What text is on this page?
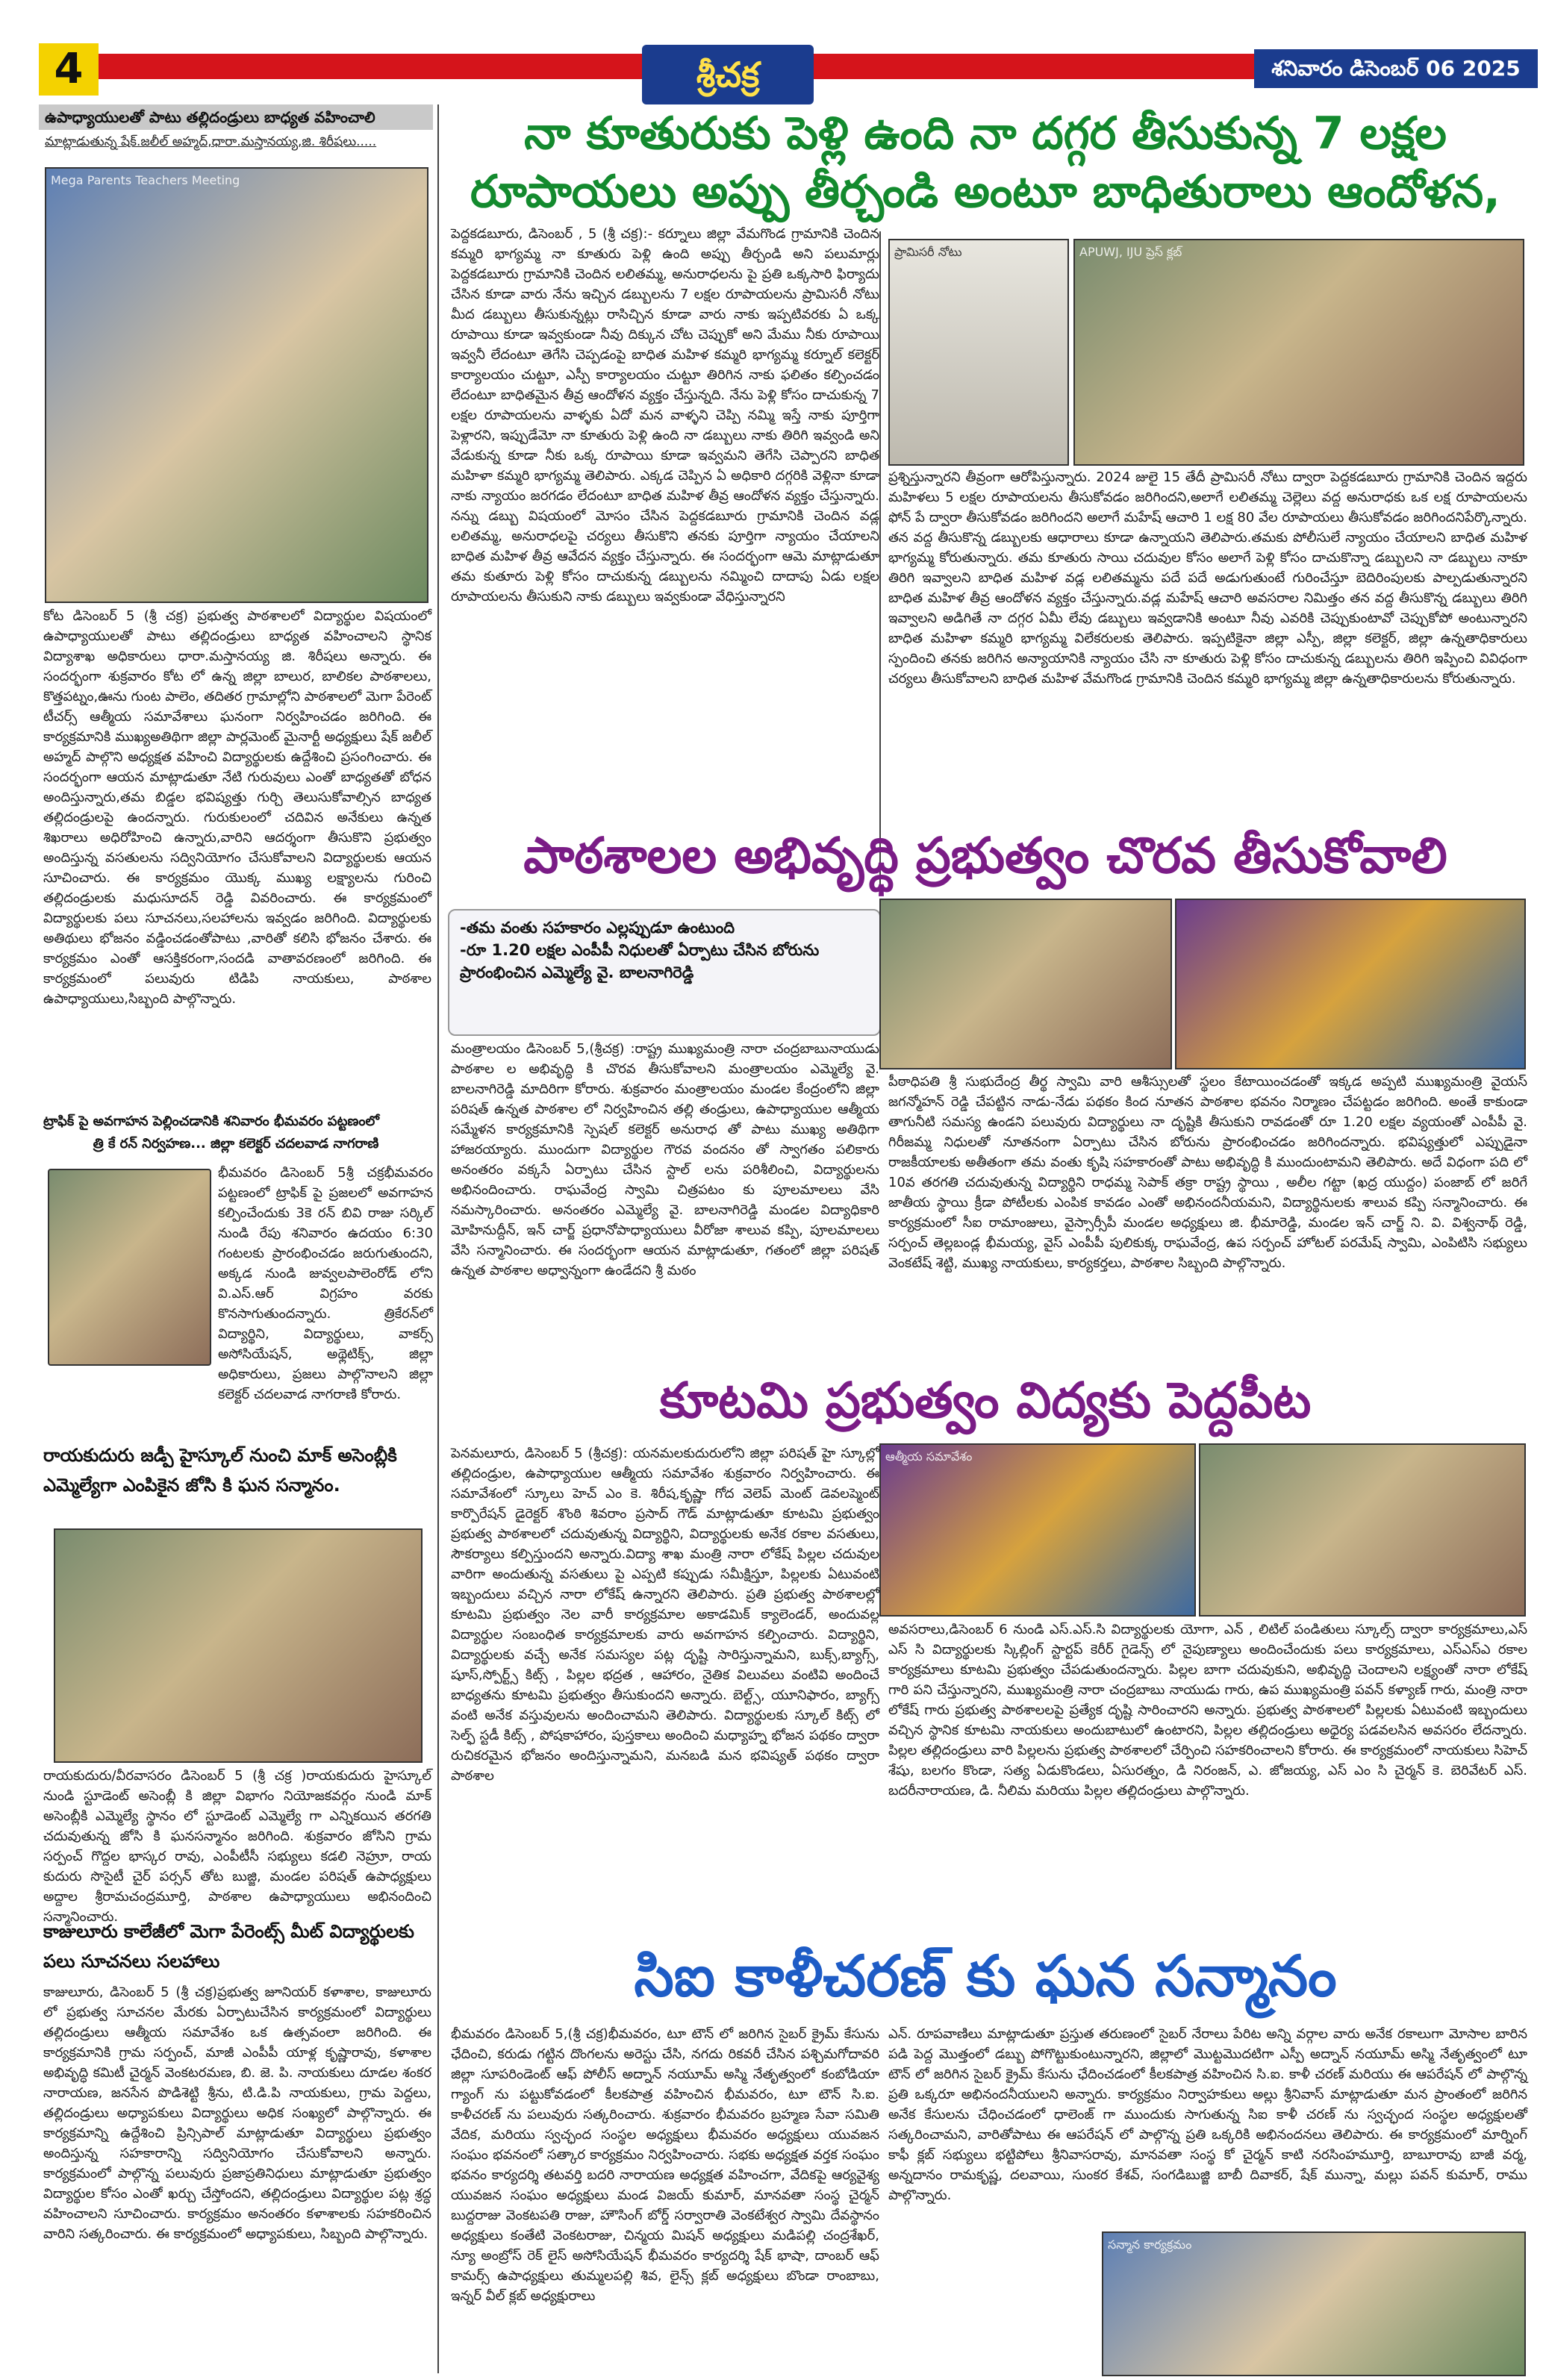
4	శ్రీచక్ర	శనివారం డిసెంబర్ 06 2025
ఉపాధ్యాయులతో పాటు తల్లిదండ్రులు బాధ్యత వహించాలి
మాట్లాడుతున్న షేక్.జలీల్ అహ్మద్,ధారా.మస్తానయ్య,జి. శిరీషలు.....
Mega Parents Teachers Meeting
కోట డిసెంబర్ 5 (శ్రీ చక్ర) ప్రభుత్వ పాఠశాలలో విద్యార్థుల విషయంలో ఉపాధ్యాయులతో పాటు తల్లిదండ్రులు బాధ్యత వహించాలని స్థానిక విద్యాశాఖ అధికారులు ధారా.మస్తానయ్య జి. శిరీషలు అన్నారు. ఈ సందర్భంగా శుక్రవారం కోట లో ఉన్న జిల్లా బాలుర, బాలికల పాఠశాలలు, కొత్తపట్నం,ఊను గుంట పాలెం, తదితర గ్రామాల్లోని పాఠశాలలో మెగా పేరెంట్ టీచర్స్ ఆత్మీయ సమావేశాలు ఘనంగా నిర్వహించడం జరిగింది. ఈ కార్యక్రమానికి ముఖ్యఅతిథిగా జిల్లా పార్లమెంట్ మైనార్టీ అధ్యక్షులు షేక్ జలీల్ అహ్మద్ పాల్గొని అధ్యక్షత వహించి విద్యార్థులకు ఉద్దేశించి ప్రసంగించారు. ఈ సందర్భంగా ఆయన మాట్లాడుతూ నేటి గురువులు ఎంతో బాధ్యతతో బోధన అందిస్తున్నారు,తమ బిడ్డల భవిష్యత్తు గుర్చి తెలుసుకోవాల్సిన బాధ్యత తల్లిదండ్రులపై ఉందన్నారు. గురుకులంలో చదివిన అనేకులు ఉన్నత శిఖరాలు అధిరోహించి ఉన్నారు,వారిని ఆదర్శంగా తీసుకొని ప్రభుత్వం అందిస్తున్న వసతులను సద్వినియోగం చేసుకోవాలని విద్యార్థులకు ఆయన సూచించారు. ఈ కార్యక్రమం యొక్క ముఖ్య లక్ష్యాలను గురించి తల్లిదండ్రులకు మధుసూదన్ రెడ్డి వివరించారు. ఈ కార్యక్రమంలో విద్యార్థులకు పలు సూచనలు,సలహాలను ఇవ్వడం జరిగింది. విద్యార్థులకు అతిథులు భోజనం వడ్డించడంతోపాటు ,వారితో కలిసి భోజనం చేశారు. ఈ కార్యక్రమం ఎంతో ఆసక్తికరంగా,సందడి వాతావరణంలో జరిగింది. ఈ కార్యక్రమంలో పలువురు టిడిపి నాయకులు, పాఠశాల ఉపాధ్యాయులు,సిబ్బంది పాల్గొన్నారు.
ట్రాఫిక్ పై అవగాహన పెల్లించడానికి శనివారం భీమవరం పట్టణంలో
త్రి కే రన్ నిర్వహణ... జిల్లా కలెక్టర్ చదలవాడ నాగరాణి
భీమవరం డిసెంబర్ 5శ్రీ చక్రభీమవరం పట్టణంలో ట్రాఫిక్ పై ప్రజలలో అవగాహన కల్పించేందుకు 3కె రన్ బివి రాజు సర్కిల్ నుండి రేపు శనివారం ఉదయం 6:30 గంటలకు ప్రారంభించడం జరుగుతుందని, అక్కడ నుండి జువ్వలపాలెంరోడ్ లోని వి.ఎస్.ఆర్ విగ్రహం వరకు కొనసాగుతుందన్నారు. త్రికేరన్‌లో విద్యార్థిని, విద్యార్థులు, వాకర్స్ అసోసియేషన్, అథ్లెటిక్స్, జిల్లా అధికారులు, ప్రజలు పాల్గొనాలని జిల్లా కలెక్టర్ చదలవాడ నాగరాణి కోరారు.
రాయకుదురు జడ్పీ హైస్కూల్ నుంచి మాక్ అసెంబ్లీకి ఎమ్మెల్యేగా ఎంపికైన జోసి కి ఘన సన్మానం.
రాయకుదురు/వీరవాసరం డిసెంబర్ 5 (శ్రీ చక్ర )రాయకుదురు హైస్కూల్ నుండి స్టూడెంట్ అసెంబ్లీ కి జిల్లా విభాగం నియోజకవర్గం నుండి మాక్ అసెంబ్లీకి ఎమ్మెల్యే స్థానం లో స్టూడెంట్ ఎమ్మెల్యే గా ఎన్నికయిన తరగతి చదువుతున్న జోసి కి ఘనసన్మానం జరిగింది. శుక్రవారం జోసిని గ్రామ సర్పంచ్ గొద్దల భాస్కర రావు, ఎంపీటీసీ సభ్యులు కడలి నెహ్రూ, రాయ కుదురు సొసైటీ చైర్ పర్సన్ తోట బుజ్జి, మండల పరిషత్ ఉపాధ్యక్షులు అద్దాల శ్రీరామచంద్రమూర్తి, పాఠశాల ఉపాధ్యాయులు అభినందించి సన్మానించారు.
కాజులూరు కాలేజీలో మెగా పేరెంట్స్ మీట్ విద్యార్థులకు పలు సూచనలు సలహాలు
కాజులూరు, డిసెంబర్ 5 (శ్రీ చక్ర)ప్రభుత్వ జూనియర్ కళాశాల, కాజులూరు లో ప్రభుత్వ సూచనల మేరకు ఏర్పాటుచేసిన కార్యక్రమంలో విద్యార్థులు తల్లిదండ్రులు ఆత్మీయ సమావేశం ఒక ఉత్సవంలా జరిగింది. ఈ కార్యక్రమానికి గ్రామ సర్పంచ్, మాజీ ఎంపీపీ యాళ్ల కృష్ణారావు, కళాశాల అభివృద్ధి కమిటీ చైర్మన్ వెంకటరమణ, బి. జె. పి. నాయకులు దూడల శంకర నారాయణ, జనసేన పొడిశెట్టి శ్రీను, టి.డి.పి నాయకులు, గ్రామ పెద్దలు, తల్లిదండ్రులు అధ్యాపకులు విద్యార్థులు అధిక సంఖ్యలో పాల్గొన్నారు. ఈ కార్యక్రమాన్ని ఉద్దేశించి ప్రిన్సిపాల్ మాట్లాడుతూ విద్యార్థులు ప్రభుత్వం అందిస్తున్న సహకారాన్ని సద్వినియోగం చేసుకోవాలని అన్నారు. కార్యక్రమంలో పాల్గొన్న పలువురు ప్రజాప్రతినిధులు మాట్లాడుతూ ప్రభుత్వం విద్యార్థుల కోసం ఎంతో ఖర్చు చేస్తోందని, తల్లిదండ్రులు విద్యార్థుల పట్ల శ్రద్ధ వహించాలని సూచించారు. కార్యక్రమం అనంతరం కళాశాలకు సహకరించిన వారిని సత్కరించారు. ఈ కార్యక్రమంలో అధ్యాపకులు, సిబ్బంది పాల్గొన్నారు.
నా కూతురుకు పెళ్లి ఉంది నా దగ్గర తీసుకున్న 7 లక్షల
రూపాయలు అప్పు తీర్చండి అంటూ బాధితురాలు ఆందోళన,
పెద్దకడబూరు, డిసెంబర్ , 5 (శ్రీ చక్ర):- కర్నూలు జిల్లా వేమగొండ గ్రామానికి చెందిన కమ్మరి భాగ్యమ్మ నా కూతురు పెళ్లి ఉంది అప్పు తీర్చండి అని పలుమార్లు పెద్దకడబూరు గ్రామానికి చెందిన లలితమ్మ, అనురాధలను పై ప్రతి ఒక్కసారి ఫిర్యాదు చేసిన కూడా వారు నేను ఇచ్చిన డబ్బులను 7 లక్షల రూపాయలను ప్రామిసరీ నోటు మీద డబ్బులు తీసుకున్నట్లు రాసిచ్చిన కూడా వారు నాకు ఇప్పటివరకు ఏ ఒక్క రూపాయి కూడా ఇవ్వకుండా నీవు దిక్కున చోట చెప్పుకో అని మేము నీకు రూపాయి ఇవ్వనీ లేదంటూ తెగేసి చెప్పడంపై బాధిత మహిళ కమ్మరి భాగ్యమ్మ కర్నూల్ కలెక్టర్ కార్యాలయం చుట్టూ, ఎస్పీ కార్యాలయం చుట్టూ తిరిగిన నాకు ఫలితం కల్పించడం లేదంటూ బాధితమైన తీవ్ర ఆందోళన వ్యక్తం చేస్తున్నది. నేను పెళ్లి కోసం దాచుకున్న 7 లక్షల రూపాయలను వాళ్ళకు ఏదో మన వాళ్ళని చెప్పి నమ్మి ఇస్తే నాకు పూర్తిగా పెళ్లారని, ఇప్పుడేమో నా కూతురు పెళ్లి ఉంది నా డబ్బులు నాకు తిరిగి ఇవ్వండి అని వేడుకున్న కూడా నీకు ఒక్క రూపాయి కూడా ఇవ్వమని తెగేసి చెప్పారని బాధిత మహిళా కమ్మరి భాగ్యమ్మ తెలిపారు. ఎక్కడ చెప్పిన ఏ అధికారి దగ్గరికి వెళ్లినా కూడా నాకు న్యాయం జరగడం లేదంటూ బాధిత మహిళ తీవ్ర ఆందోళన వ్యక్తం చేస్తున్నారు. నన్ను డబ్బు విషయంలో మోసం చేసిన పెద్దకడబూరు గ్రామానికి చెందిన వడ్ల లలితమ్మ, అనురాధలపై చర్యలు తీసుకొని తనకు పూర్తిగా న్యాయం చేయాలని బాధిత మహిళ తీవ్ర ఆవేదన వ్యక్తం చేస్తున్నారు. ఈ సందర్భంగా ఆమె మాట్లాడుతూ తమ కుతూరు పెళ్లి కోసం దాచుకున్న డబ్బులను నమ్మించి దాదాపు ఏడు లక్షల రూపాయలను తీసుకుని నాకు డబ్బులు ఇవ్వకుండా వేధిస్తున్నారని
ప్రామిసరీ నోటు	APUWJ, IJU ప్రెస్ క్లబ్
ప్రశ్నిస్తున్నారని తీవ్రంగా ఆరోపిస్తున్నారు. 2024 జులై 15 తేదీ ప్రామిసరీ నోటు ద్వారా పెద్దకడబూరు గ్రామానికి చెందిన ఇద్దరు మహిళలు 5 లక్షల రూపాయలను తీసుకోవడం జరిగిందని,అలాగే లలితమ్మ చెల్లెలు వద్ద అనురాధకు ఒక లక్ష రూపాయలను ఫోన్ పే ద్వారా తీసుకోవడం జరిగిందని అలాగే మహేష్ ఆచారి 1 లక్ష 80 వేల రూపాయలు తీసుకోవడం జరిగిందనిపేర్కొన్నారు. తన వద్ద తీసుకొన్న డబ్బులకు ఆధారాలు కూడా ఉన్నాయని తెలిపారు.తమకు పోలీసులే న్యాయం చేయాలని బాధిత మహిళ భాగ్యమ్మ కోరుతున్నారు. తమ కూతురు సాయి చదువుల కోసం అలాగే పెళ్లి కోసం దాచుకొన్నా డబ్బులని నా డబ్బులు నాకూ తిరిగి ఇవ్వాలని బాధిత మహిళ వడ్ల లలితమ్మను పదే పదే అడుగుతుంటే గురించేస్తూ బెదిరింపులకు పాల్పడుతున్నారని బాధిత మహిళ తీవ్ర ఆందోళన వ్యక్తం చేస్తున్నారు.వడ్ల మహేష్ ఆచారి అవసరాల నిమిత్తం తన వద్ద తీసుకొన్న డబ్బులు తిరిగి ఇవ్వాలని అడిగితే నా దగ్గర ఏమీ లేవు డబ్బులు ఇవ్వడానికి అంటూ నీవు ఎవరికి చెప్పుకుంటావో చెప్పుకోపో అంటున్నారని బాధిత మహిళా కమ్మరి భాగ్యమ్మ విలేకరులకు తెలిపారు. ఇప్పటికైనా జిల్లా ఎస్పీ, జిల్లా కలెక్టర్, జిల్లా ఉన్నతాధికారులు స్పందించి తనకు జరిగిన అన్యాయానికి న్యాయం చేసి నా కూతురు పెళ్లి కోసం దాచుకున్న డబ్బులను తిరిగి ఇప్పించి వివిధంగా చర్యలు తీసుకోవాలని బాధిత మహిళ వేమగొండ గ్రామానికి చెందిన కమ్మరి భాగ్యమ్మ జిల్లా ఉన్నతాధికారులను కోరుతున్నారు.
పాఠశాలల అభివృద్ధి ప్రభుత్వం చొరవ తీసుకోవాలి
-తమ వంతు సహకారం ఎల్లప్పుడూ ఉంటుంది
-రూ 1.20 లక్షల ఎంపీపీ నిధులతో ఏర్పాటు చేసిన బోరును ప్రారంభించిన ఎమ్మెల్యే వై. బాలనాగిరెడ్డి
మంత్రాలయం డిసెంబర్ 5,(శ్రీచక్ర) :రాష్ట్ర ముఖ్యమంత్రి నారా చంద్రబాబునాయుడు పాఠశాల ల అభివృద్ధి కి చొరవ తీసుకోవాలని మంత్రాలయం ఎమ్మెల్యే వై. బాలనాగిరెడ్డి మాదిరిగా కోరారు. శుక్రవారం మంత్రాలయం మండల కేంద్రంలోని జిల్లా పరిషత్ ఉన్నత పాఠశాల లో నిర్వహించిన తల్లి తండ్రులు, ఉపాధ్యాయుల ఆత్మీయ సమ్మేళన కార్యక్రమానికి స్పెషల్ కలెక్టర్ అనురాధ తో పాటు ముఖ్య అతిథిగా హాజరయ్యారు. ముందుగా విద్యార్థుల గౌరవ వందనం తో స్వాగతం పలికారు అనంతరం వక్కసే ఏర్పాటు చేసిన స్టాల్ లను పరిశీలించి, విద్యార్థులను అభినందించారు. రాఘవేంద్ర స్వామి చిత్రపటం కు పూలమాలలు వేసి నమస్కారించారు. అనంతరం ఎమ్మెల్యే వై. బాలనాగిరెడ్డి మండల విద్యాధికారి మోహినుద్దీన్, ఇన్ చార్జ్ ప్రధానోపాధ్యాయులు వీరోజా శాలువ కప్పి, పూలమాలలు వేసి సన్మానించారు. ఈ సందర్భంగా ఆయన మాట్లాడుతూ, గతంలో జిల్లా పరిషత్ ఉన్నత పాఠశాల అధ్వాన్నంగా ఉండేదని శ్రీ మఠం
పీఠాధిపతి శ్రీ సుభుదేంద్ర తీర్థ స్వామి వారి ఆశీస్సులతో స్థలం కేటాయించడంతో ఇక్కడ అప్పటి ముఖ్యమంత్రి వైయస్ జగన్మోహన్ రెడ్డి చేపట్టిన నాడు-నేడు పథకం కింద నూతన పాఠశాల భవనం నిర్మాణం చేపట్టడం జరిగింది. అంతే కాకుండా తాగునీటి సమస్య ఉండని పలువురు విద్యార్థులు నా దృష్టికి తీసుకుని రావడంతో రూ 1.20 లక్షల వ్యయంతో ఎంపీపీ వై. గిరీజమ్మ నిధులతో నూతనంగా ఏర్పాటు చేసిన బోరును ప్రారంభించడం జరిగిందన్నారు. భవిష్యత్తులో ఎప్పుడైనా రాజకీయాలకు అతీతంగా తమ వంతు కృషి సహకారంతో పాటు అభివృద్ధి కి ముందుంటామని తెలిపారు. అదే విధంగా పది లో 10వ తరగతి చదువుతున్న విద్యార్థిని రాధమ్మ సెపాక్ తక్రా రాష్ట్ర స్థాయి , అలీల గట్టా (ఖద్ర యుద్దం) పంజాబ్ లో జరిగే జాతీయ స్థాయి క్రీడా పోటీలకు ఎంపిక కావడం ఎంతో అభినందనీయమని, విద్యార్థినులకు శాలువ కప్పి సన్మానించారు. ఈ కార్యక్రమంలో సీఐ రామాంజులు, వైస్సార్సీపీ మండల అధ్యక్షులు జి. భీమారెడ్డి, మండల ఇన్ చార్జ్ ని. వి. విశ్వనాథ్ రెడ్డి, సర్పంచ్ తెల్లబండ్ల భీమయ్య, వైస్ ఎంపీపీ పులికుక్క రాఘవేంద్ర, ఉప సర్పంచ్ హోటల్ పరమేష్ స్వామి, ఎంపిటిసి సభ్యులు వెంకటేష్ శెట్టి, ముఖ్య నాయకులు, కార్యకర్తలు, పాఠశాల సిబ్బంది పాల్గొన్నారు.
కూటమి ప్రభుత్వం విద్యకు పెద్దపీట
పెనమలూరు, డిసెంబర్ 5 (శ్రీచక్ర): యనమలకుదురులోని జిల్లా పరిషత్ హై స్కూల్లో తల్లిదండ్రుల, ఉపాధ్యాయుల ఆత్మీయ సమావేశం శుక్రవారం నిర్వహించారు. ఈ సమావేశంలో స్కూలు హెచ్ ఎం కె. శిరీష,కృష్ణా గోద వెలెప్ మెంట్ డెవలప్మెంట్ కార్పొరేషన్ డైరెక్టర్ శొంఠి శివరాం ప్రసాద్ గౌడ్ మాట్లాడుతూ కూటమి ప్రభుత్వం ప్రభుత్వ పాఠశాలలో చదువుతున్న విద్యార్థిని, విద్యార్థులకు అనేక రకాల వసతులు, సౌకర్యాలు కల్పిస్తుందని అన్నారు.విద్యా శాఖ మంత్రి నారా లోకేష్ పిల్లల చదువుల వారిగా అందుతున్న వసతులు పై ఎప్పటి కప్పుడు సమీక్షిస్తూ, పిల్లలకు ఏటువంటి ఇబ్బందులు వచ్చిన నారా లోకేష్ ఉన్నారని తెలిపారు. ప్రతి ప్రభుత్వ పాఠశాలల్లో కూటమి ప్రభుత్వం నెల వారీ కార్యక్రమాల అకాడమిక్ క్యాలెండర్, అందువల్ల విద్యార్థుల సంబంధిత కార్యక్రమాలకు వారు అవగాహన కల్పించారు. విద్యార్థిని, విద్యార్థులకు వచ్చే అనేక సమస్యల పట్ల దృష్టి సారిస్తున్నామని, బుక్స్,బ్యాగ్స్, షూస్,స్పోర్ట్స్ కిట్స్ , పిల్లల భద్రత , ఆహారం, నైతిక విలువలు వంటివి అందించే బాధ్యతను కూటమి ప్రభుత్వం తీసుకుందని అన్నారు. బెల్ట్స్, యూనిఫారం, బ్యాగ్స్ వంటి అనేక వస్తువులను అందించామని తెలిపారు. విద్యార్థులకు స్కూల్ కిట్స్ లో సెల్ఫ్ స్టడీ కిట్స్ , పోషకాహారం, పుస్తకాలు అందించి మధ్యాహ్న భోజన పథకం ద్వారా రుచికరమైన భోజనం అందిస్తున్నామని, మనబడి మన భవిష్యత్ పథకం ద్వారా పాఠశాల
ఆత్మీయ సమావేశం
అవసరాలు,డిసెంబర్ 6 నుండి ఎస్.ఎస్.సి విద్యార్థులకు యోగా, ఎన్ , లిటిల్ పండితులు స్కూల్స్ ద్వారా కార్యక్రమాలు,ఎస్ ఎస్ సి విద్యార్థులకు స్కిల్లింగ్ స్టార్టప్ కెరీర్ గైడెన్స్ లో నైపుణ్యాలు అందించేందుకు పలు కార్యక్రమాలు, ఎస్ఎస్ఎ రకాల కార్యక్రమాలు కూటమి ప్రభుత్వం చేపడుతుందన్నారు. పిల్లల బాగా చదువుకుని, అభివృద్ధి చెందాలని లక్ష్యంతో నారా లోకేష్ గారి పని చేస్తున్నారని, ముఖ్యమంత్రి నారా చంద్రబాబు నాయుడు గారు, ఉప ముఖ్యమంత్రి పవన్ కళ్యాణ్ గారు, మంత్రి నారా లోకేష్ గారు ప్రభుత్వ పాఠశాలలపై ప్రత్యేక దృష్టి సారించారని అన్నారు. ప్రభుత్వ పాఠశాలలో పిల్లలకు ఏటువంటి ఇబ్బందులు వచ్చిన స్థానిక కూటమి నాయకులు అందుబాటులో ఉంటారని, పిల్లల తల్లిదండ్రులు అధైర్య పడవలసిన అవసరం లేదన్నారు. పిల్లల తల్లిదండ్రులు వారి పిల్లలను ప్రభుత్వ పాఠశాలలో చేర్పించి సహకరించాలని కోరారు. ఈ కార్యక్రమంలో నాయకులు సిహెచ్ శేషు, బలగం కొండా, సత్య ఏడుకొండలు, ఏసురత్నం, డి నిరంజన్, ఎ. జోజయ్య, ఎస్ ఎం సి చైర్మన్ కె. బెరివేటర్ ఎస్. బదరీనారాయణ, డి. నీలిమ మరియు పిల్లల తల్లిదండ్రులు పాల్గొన్నారు.
సిఐ కాళీచరణ్ కు ఘన సన్మానం
భీమవరం డిసెంబర్ 5,(శ్రీ చక్ర)భీమవరం, టూ టౌన్ లో జరిగిన సైబర్ క్రైమ్ కేసును ఛేదించి, కరుడు గట్టిన దొంగలను అరెస్టు చేసి, నగదు రికవరీ చేసిన పశ్చిమగోదావరి జిల్లా సూపరిండెంట్ ఆఫ్ పోలీస్ అద్నాన్ నయూమ్ అస్మి నేతృత్వంలో కంబోడియా గ్యాంగ్ ను పట్టుకోవడంలో కీలకపాత్ర వహించిన భీమవరం, టూ టౌన్ సి.ఐ. కాళీచరణ్ ను పలువురు సత్కరించారు. శుక్రవారం భీమవరం బ్రహ్మణ సేవా సమితి వేదిక, మరియు స్వచ్ఛంద సంస్థల అధ్యక్షులు భీమవరం అధ్యక్షులు యువజన సంఘం భవనంలో సత్కార కార్యక్రమం నిర్వహించారు. సభకు అధ్యక్షత వర్తక సంఘం భవనం కార్యదర్శి తటవర్తి బదరి నారాయణ అధ్యక్షత వహించగా, వేదికపై ఆర్యవైశ్య యువజన సంఘం అధ్యక్షులు మండ విజయ్ కుమార్, మానవతా సంస్థ చైర్మన్ బుద్దరాజు వెంకటపతి రాజు, హౌసింగ్ బోర్డ్ సర్వారాతి వెంకటేశ్వర స్వామి దేవస్థానం అధ్యక్షులు కంతేటి వెంకటరాజు, చిన్మయ మిషన్ అధ్యక్షులు మడిపల్లి చంద్రశేఖర్, న్యూ అంబ్రోస్ రెక్ లైస్ అసోసియేషన్ భీమవరం కార్యదర్శి షేక్ భాషా, దాంబర్ ఆఫ్ కామర్స్ ఉపాధ్యక్షులు తుమ్మలపల్లి శివ, లైన్స్ క్లబ్ అధ్యక్షులు బొండా రాంబాబు, ఇన్నర్ వీల్ క్లబ్ అధ్యక్షురాలు
ఎన్. రూపవాణిలు మాట్లాడుతూ ప్రస్తుత తరుణంలో సైబర్ నేరాలు పేరిట అన్ని వర్గాల వారు అనేక రకాలుగా మోసాల బారిన పడి పెద్ద మొత్తంలో డబ్బు పోగొట్టుకుంటున్నారని, జిల్లాలో మొట్టమొదటిగా ఎస్పీ అద్నాన్ నయూమ్ అస్మి నేతృత్వంలో టూ టౌన్ లో జరిగిన సైబర్ క్రైమ్ కేసును ఛేదించడంలో కీలకపాత్ర వహించిన సి.ఐ. కాళీ చరణ్ మరియు ఈ ఆపరేషన్ లో పాల్గొన్న ప్రతి ఒక్కరూ అభినందనీయులని అన్నారు. కార్యక్రమం నిర్వాహకులు అల్లు శ్రీనివాస్ మాట్లాడుతూ మన ప్రాంతంలో జరిగిన అనేక కేసులను చేధించడంలో ధాలెంజ్ గా ముందుకు సాగుతున్న సిఐ కాళీ చరణ్ ను స్వచ్ఛంద సంస్థల అధ్యక్షులతో సత్కరించామని, వారితోపాటు ఈ ఆపరేషన్ లో పాల్గొన్న ప్రతి ఒక్కరికి అభినందనలు తెలిపారు. ఈ కార్యక్రమంలో మార్నింగ్ కాఫీ క్లబ్ సభ్యులు భట్టిపోలు శ్రీనివాసరావు, మానవతా సంస్థ కో చైర్మన్ కాటి నరసింహమూర్తి, బాబూరావు బాజీ వర్మ, అన్నదానం రామకృష్ణ, దలవాయి, సుంకర కేశవ్, సంగడిబుజ్జి బాబీ దివాకర్, షేక్ మున్నా, మల్లు పవన్ కుమార్, రాము పాల్గొన్నారు.
సన్మాన కార్యక్రమం
